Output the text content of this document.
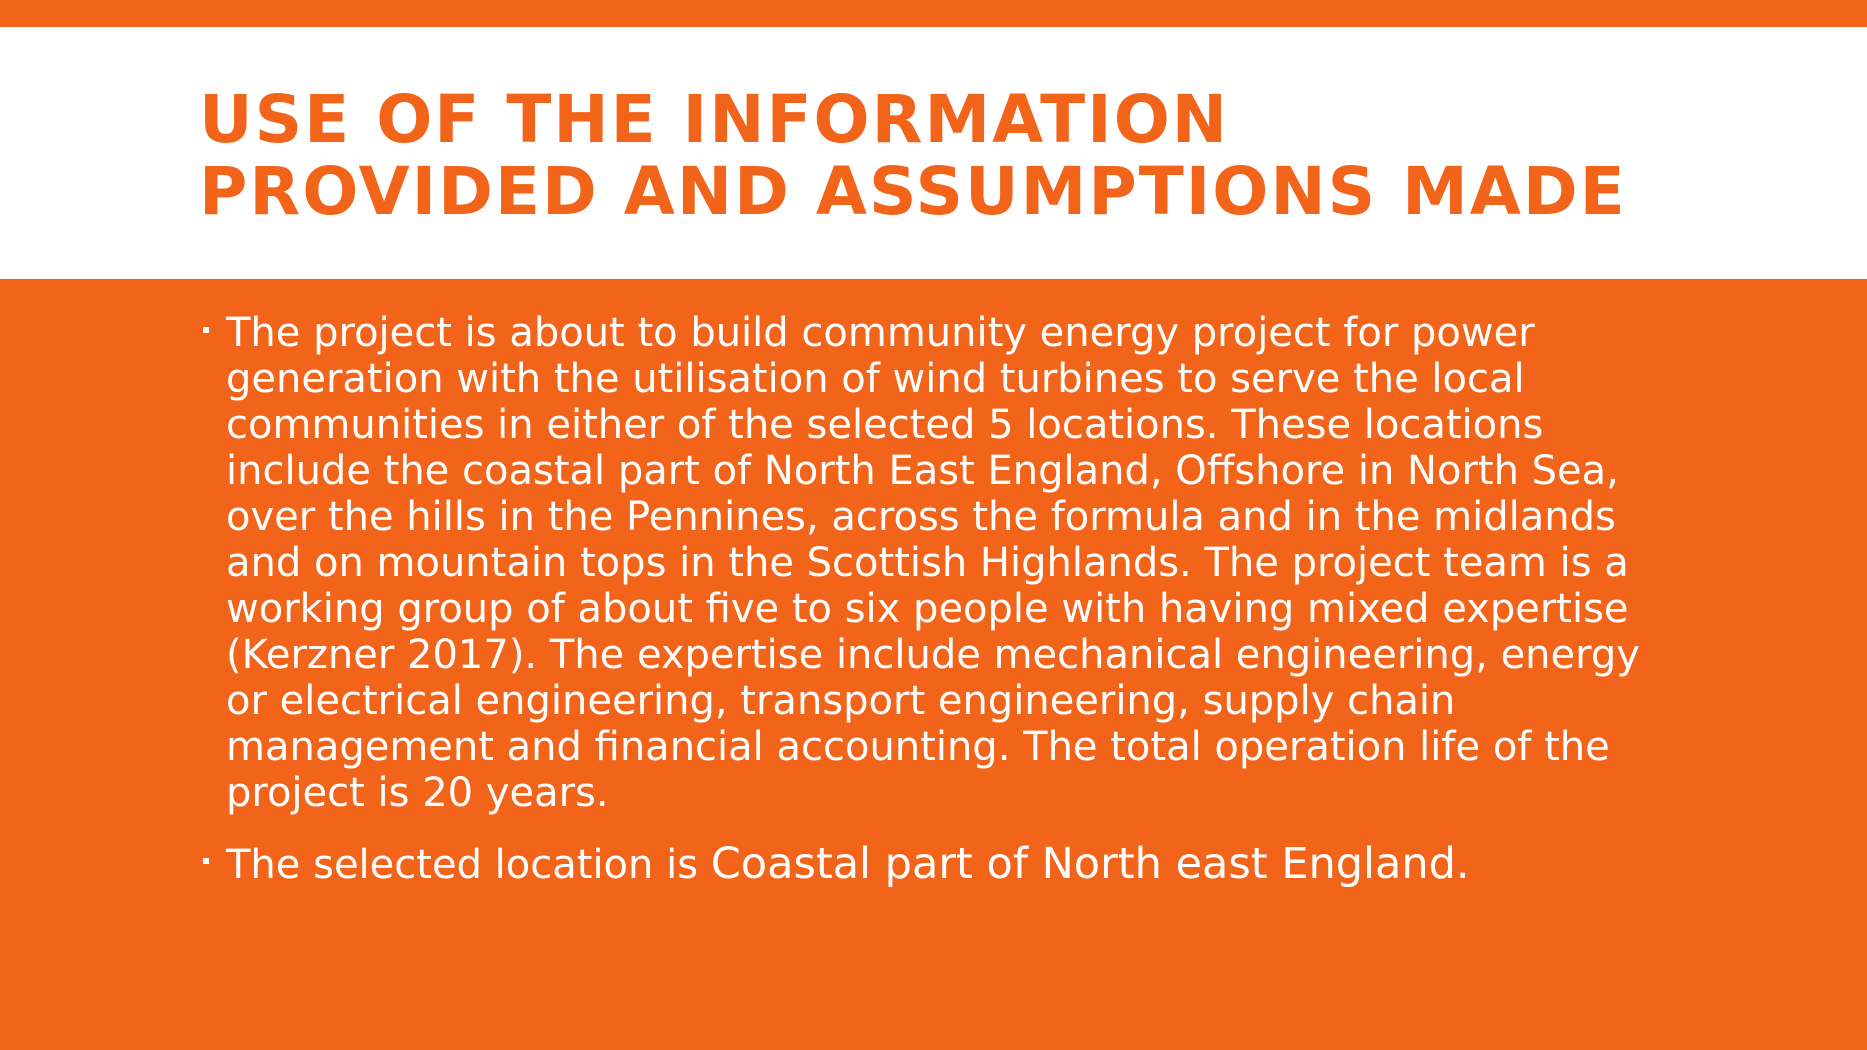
USE OF THE INFORMATION
PROVIDED AND ASSUMPTIONS MADE

The project is about to build community energy project for power generation with the utilisation of wind turbines to serve the local communities in either of the selected 5 locations. These locations include the coastal part of North East England, Offshore in North Sea, over the hills in the Pennines, across the formula and in the midlands and on mountain tops in the Scottish Highlands. The project team is a working group of about five to six people with having mixed expertise (Kerzner 2017). The expertise include mechanical engineering, energy or electrical engineering, transport engineering, supply chain management and financial accounting. The total operation life of the project is 20 years.

The selected location is Coastal part of North east England.
